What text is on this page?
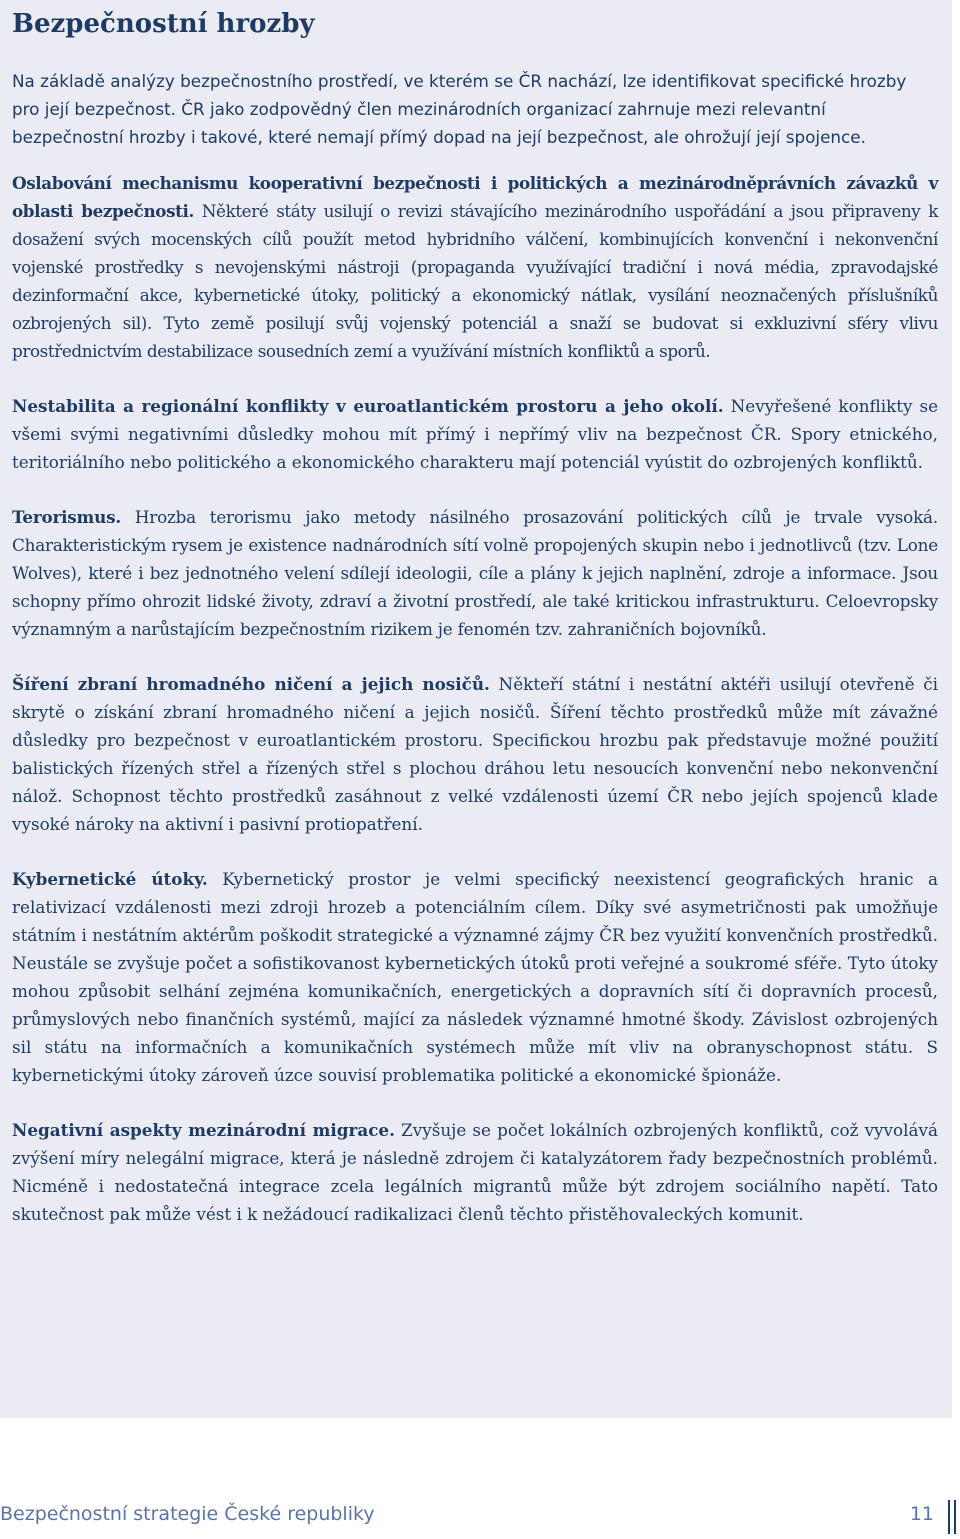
Bezpečnostní hrozby

Na základě analýzy bezpečnostního prostředí, ve kterém se ČR nachází, lze identifikovat specifické hrozby pro její bezpečnost. ČR jako zodpovědný člen mezinárodních organizací zahrnuje mezi relevantní bezpečnostní hrozby i takové, které nemají přímý dopad na její bezpečnost, ale ohrožují její spojence.

Oslabování mechanismu kooperativní bezpečnosti i politických a mezinárodněprávních závazků v oblasti bezpečnosti. Některé státy usilují o revizi stávajícího mezinárodního uspořádání a jsou připraveny k dosažení svých mocenských cílů použít metod hybridního válčení, kombinujících konvenční i nekonvenční vojenské prostředky s nevojenskými nástroji (propaganda využívající tradiční i nová média, zpravodajské dezinformační akce, kybernetické útoky, politický a ekonomický nátlak, vysílání neoznačených příslušníků ozbrojených sil). Tyto země posilují svůj vojenský potenciál a snaží se budovat si exkluzivní sféry vlivu prostřednictvím destabilizace sousedních zemí a využívání místních konfliktů a sporů.

Nestabilita a regionální konflikty v euroatlantickém prostoru a jeho okolí. Nevyřešené konflikty se všemi svými negativními důsledky mohou mít přímý i nepřímý vliv na bezpečnost ČR. Spory etnického, teritoriálního nebo politického a ekonomického charakteru mají potenciál vyústit do ozbrojených konfliktů.

Terorismus. Hrozba terorismu jako metody násilného prosazování politických cílů je trvale vysoká. Charakteristickým rysem je existence nadnárodních sítí volně propojených skupin nebo i jednotlivců (tzv. Lone Wolves), které i bez jednotného velení sdílejí ideologii, cíle a plány k jejich naplnění, zdroje a informace. Jsou schopny přímo ohrozit lidské životy, zdraví a životní prostředí, ale také kritickou infrastrukturu. Celoevropsky významným a narůstajícím bezpečnostním rizikem je fenomén tzv. zahraničních bojovníků.

Šíření zbraní hromadného ničení a jejich nosičů. Někteří státní i nestátní aktéři usilují otevřeně či skrytě o získání zbraní hromadného ničení a jejich nosičů. Šíření těchto prostředků může mít závažné důsledky pro bezpečnost v euroatlantickém prostoru. Specifickou hrozbu pak představuje možné použití balistických řízených střel a řízených střel s plochou dráhou letu nesoucích konvenční nebo nekonvenční nálož. Schopnost těchto prostředků zasáhnout z velké vzdálenosti území ČR nebo jejích spojenců klade vysoké nároky na aktivní i pasivní protiopatření.

Kybernetické útoky. Kybernetický prostor je velmi specifický neexistencí geografických hranic a relativizací vzdálenosti mezi zdroji hrozeb a potenciálním cílem. Díky své asymetričnosti pak umožňuje státním i nestátním aktérům poškodit strategické a významné zájmy ČR bez využití konvenčních prostředků. Neustále se zvyšuje počet a sofistikovanost kybernetických útoků proti veřejné a soukromé sféře. Tyto útoky mohou způsobit selhání zejména komunikačních, energetických a dopravních sítí či dopravních procesů, průmyslových nebo finančních systémů, mající za následek významné hmotné škody. Závislost ozbrojených sil státu na informačních a komunikačních systémech může mít vliv na obranyschopnost státu. S kybernetickými útoky zároveň úzce souvisí problematika politické a ekonomické špionáže.

Negativní aspekty mezinárodní migrace. Zvyšuje se počet lokálních ozbrojených konfliktů, což vyvolává zvýšení míry nelegální migrace, která je následně zdrojem či katalyzátorem řady bezpečnostních problémů. Nicméně i nedostatečná integrace zcela legálních migrantů může být zdrojem sociálního napětí. Tato skutečnost pak může vést i k nežádoucí radikalizaci členů těchto přistěhovaleckých komunit.

Bezpečnostní strategie České republiky	11
